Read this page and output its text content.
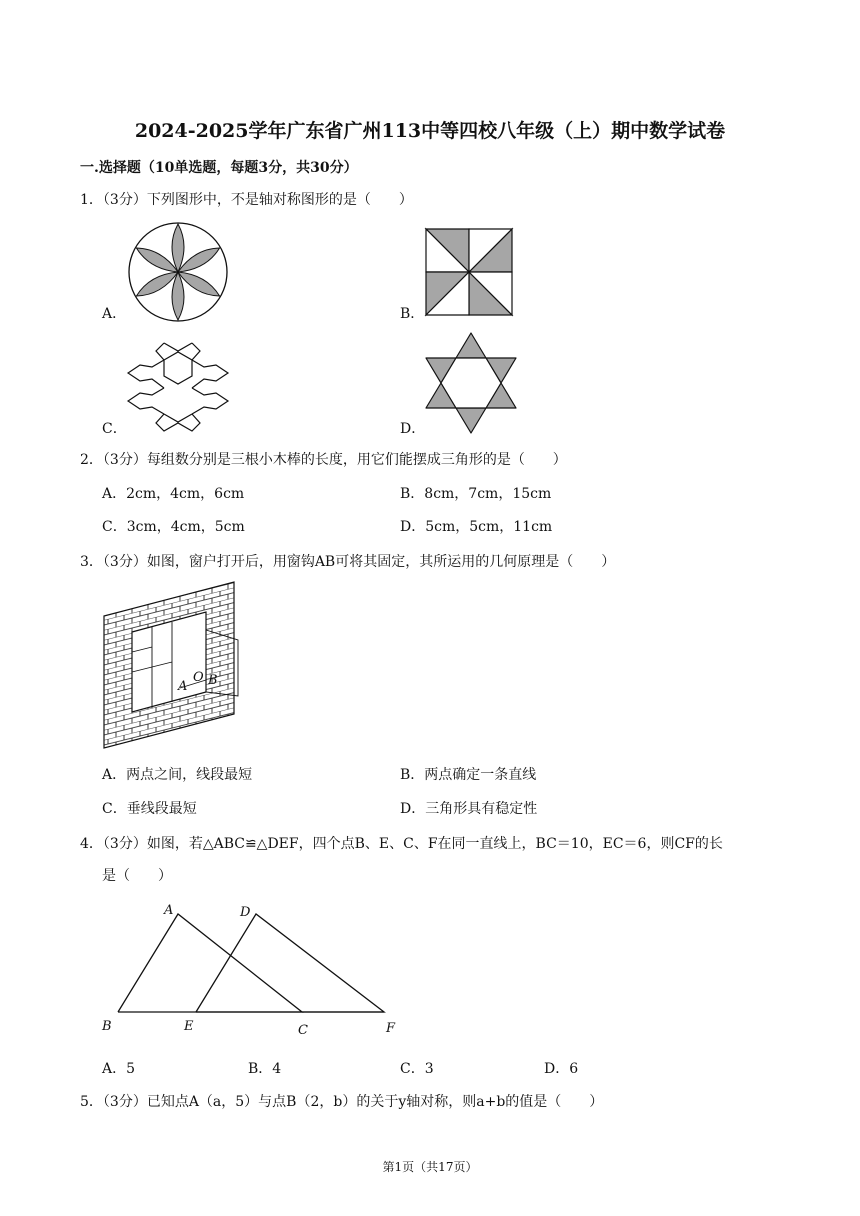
2024-2025学年广东省广州113中等四校八年级（上）期中数学试卷
一.选择题（10单选题，每题3分，共30分）
1．（3分）下列图形中，不是轴对称图形的是（　　）
A．	B．
C．	D．
2．（3分）每组数分别是三根小木棒的长度，用它们能摆成三角形的是（　　）
A．2cm，4cm，6cm	B．8cm，7cm，15cm
C．3cm，4cm，5cm	D．5cm，5cm，11cm
3．（3分）如图，窗户打开后，用窗钩AB可将其固定，其所运用的几何原理是（　　）
A
O B
A．两点之间，线段最短	B．两点确定一条直线
C．垂线段最短	D．三角形具有稳定性
4．（3分）如图，若△ABC≌△DEF，四个点B、E、C、F在同一直线上，BC＝10，EC＝6，则CF的长
是（　　）
A	D
B	E	C	F
A．5	B．4	C．3	D．6
5．（3分）已知点A（a，5）与点B（2，b）的关于y轴对称，则a+b的值是（　　）
第1页（共17页）
